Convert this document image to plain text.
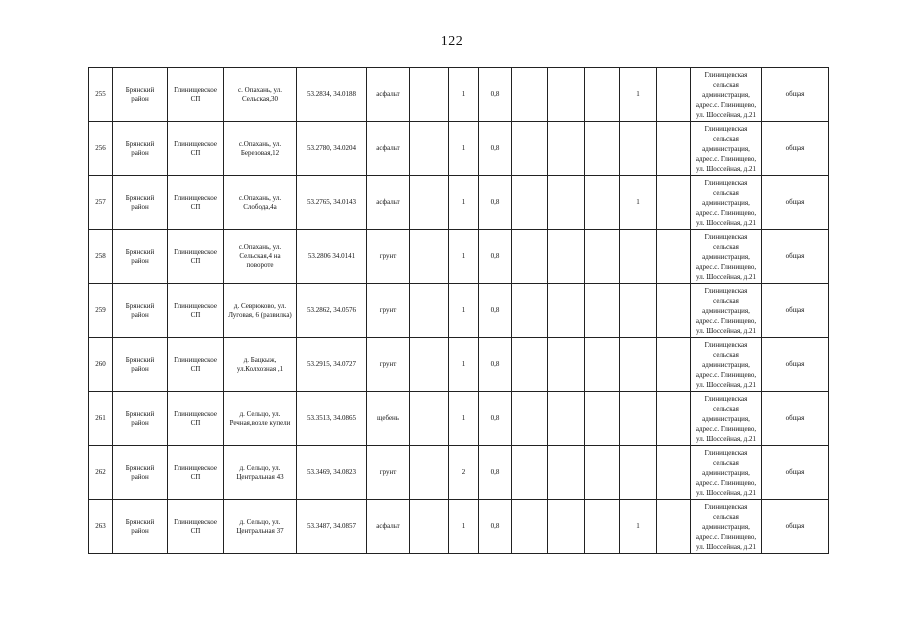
122
255	Брянский
район	Глинищевское
СП	с. Опахань, ул.
Сельская,30	53.2834, 34.0188	асфальт		1	0,8				1		Глинищевская
сельская
администрация,
адрес.с. Глинищево,
ул. Шоссейная, д.21	общая
256	Брянский
район	Глинищевское
СП	с.Опахань, ул.
Березовая,12	53.2780, 34.0204	асфальт		1	0,8						Глинищевская
сельская
администрация,
адрес.с. Глинищево,
ул. Шоссейная, д.21	общая
257	Брянский
район	Глинищевское
СП	с.Опахань, ул.
Слобода,4а	53.2765, 34.0143	асфальт		1	0,8				1		Глинищевская
сельская
администрация,
адрес.с. Глинищево,
ул. Шоссейная, д.21	общая
258	Брянский
район	Глинищевское
СП	с.Опахань, ул.
Сельская,4 на
повороте	53.2806 34.0141	грунт		1	0,8						Глинищевская
сельская
администрация,
адрес.с. Глинищево,
ул. Шоссейная, д.21	общая
259	Брянский
район	Глинищевское
СП	д. Севрюково, ул.
Луговая, 6 (развилка)	53.2862, 34.0576	грунт		1	0,8						Глинищевская
сельская
администрация,
адрес.с. Глинищево,
ул. Шоссейная, д.21	общая
260	Брянский
район	Глинищевское
СП	д. Бацкыж,
ул.Колхозная ,1	53.2915, 34.0727	грунт		1	0,8						Глинищевская
сельская
администрация,
адрес.с. Глинищево,
ул. Шоссейная, д.21	общая
261	Брянский
район	Глинищевское
СП	д. Сельцо, ул.
Речная,возле купели	53.3513, 34.0865	щебень		1	0,8						Глинищевская
сельская
администрация,
адрес.с. Глинищево,
ул. Шоссейная, д.21	общая
262	Брянский
район	Глинищевское
СП	д. Сельцо, ул.
Центральная 43	53.3469, 34.0823	грунт		2	0,8						Глинищевская
сельская
администрация,
адрес.с. Глинищево,
ул. Шоссейная, д.21	общая
263	Брянский
район	Глинищевское
СП	д. Сельцо, ул.
Центральная 37	53.3487, 34.0857	асфальт		1	0,8				1		Глинищевская
сельская
администрация,
адрес.с. Глинищево,
ул. Шоссейная, д.21	общая
